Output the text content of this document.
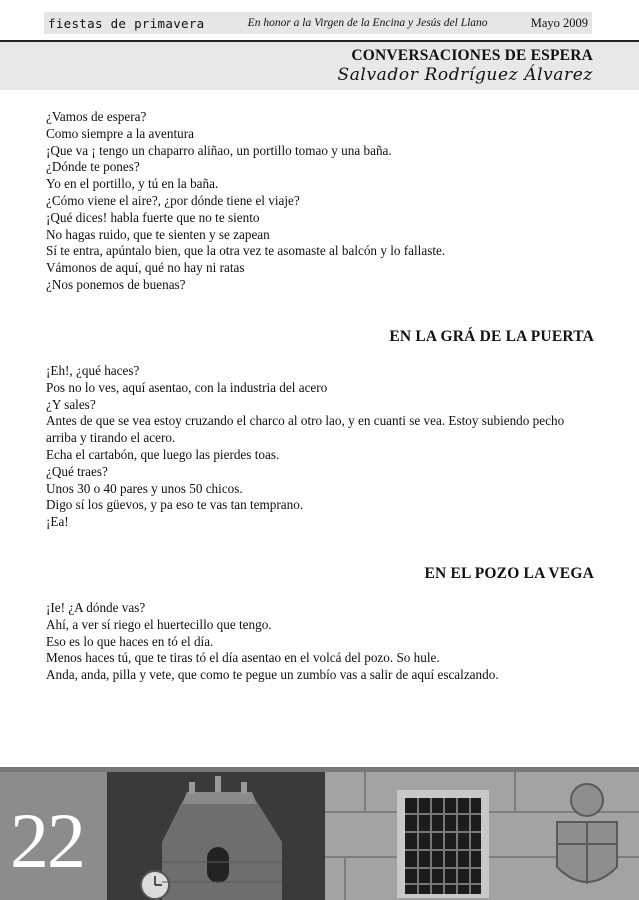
fiestas de primavera	En honor a la Virgen de la Encina y Jesús del Llano	Mayo 2009
CONVERSACIONES DE ESPERA

Salvador Rodríguez Álvarez

¿Vamos de espera?
Como siempre a la aventura
¡Que va ¡ tengo un chaparro aliñao, un portillo tomao y una baña.
¿Dónde te pones?
Yo en el portillo, y tú en la baña.
¿Cómo viene el aire?, ¿por dónde tiene el viaje?
¡Qué dices! habla fuerte que no te siento
No hagas ruido, que te sienten y se zapean
Sí te entra, apúntalo bien, que la otra vez te asomaste al balcón y lo fallaste.
Vámonos de aquí, qué no hay ni ratas
¿Nos ponemos de buenas?
EN LA GRÁ DE LA PUERTA
¡Eh!, ¿qué haces?
Pos no lo ves, aquí asentao, con la industria del acero
¿Y sales?
Antes de que se vea estoy cruzando el charco al otro lao, y en cuanti se vea. Estoy subiendo pecho
arriba y tirando el acero.
Echa el cartabón, que luego las pierdes toas.
¿Qué traes?
Unos 30 o 40 pares y unos 50 chicos.
Digo sí los güevos, y pa eso te vas tan temprano.
¡Ea!
EN EL POZO LA VEGA
¡Ie! ¿A dónde vas?
Ahí, a ver sí riego el huertecillo que tengo.
Eso es lo que haces en tó el día.
Menos haces tú, que te tiras tó el día asentao en el volcá del pozo. So hule.
Anda, anda, pilla y vete, que como te pegue un zumbío vas a salir de aquí escalzando.

22
